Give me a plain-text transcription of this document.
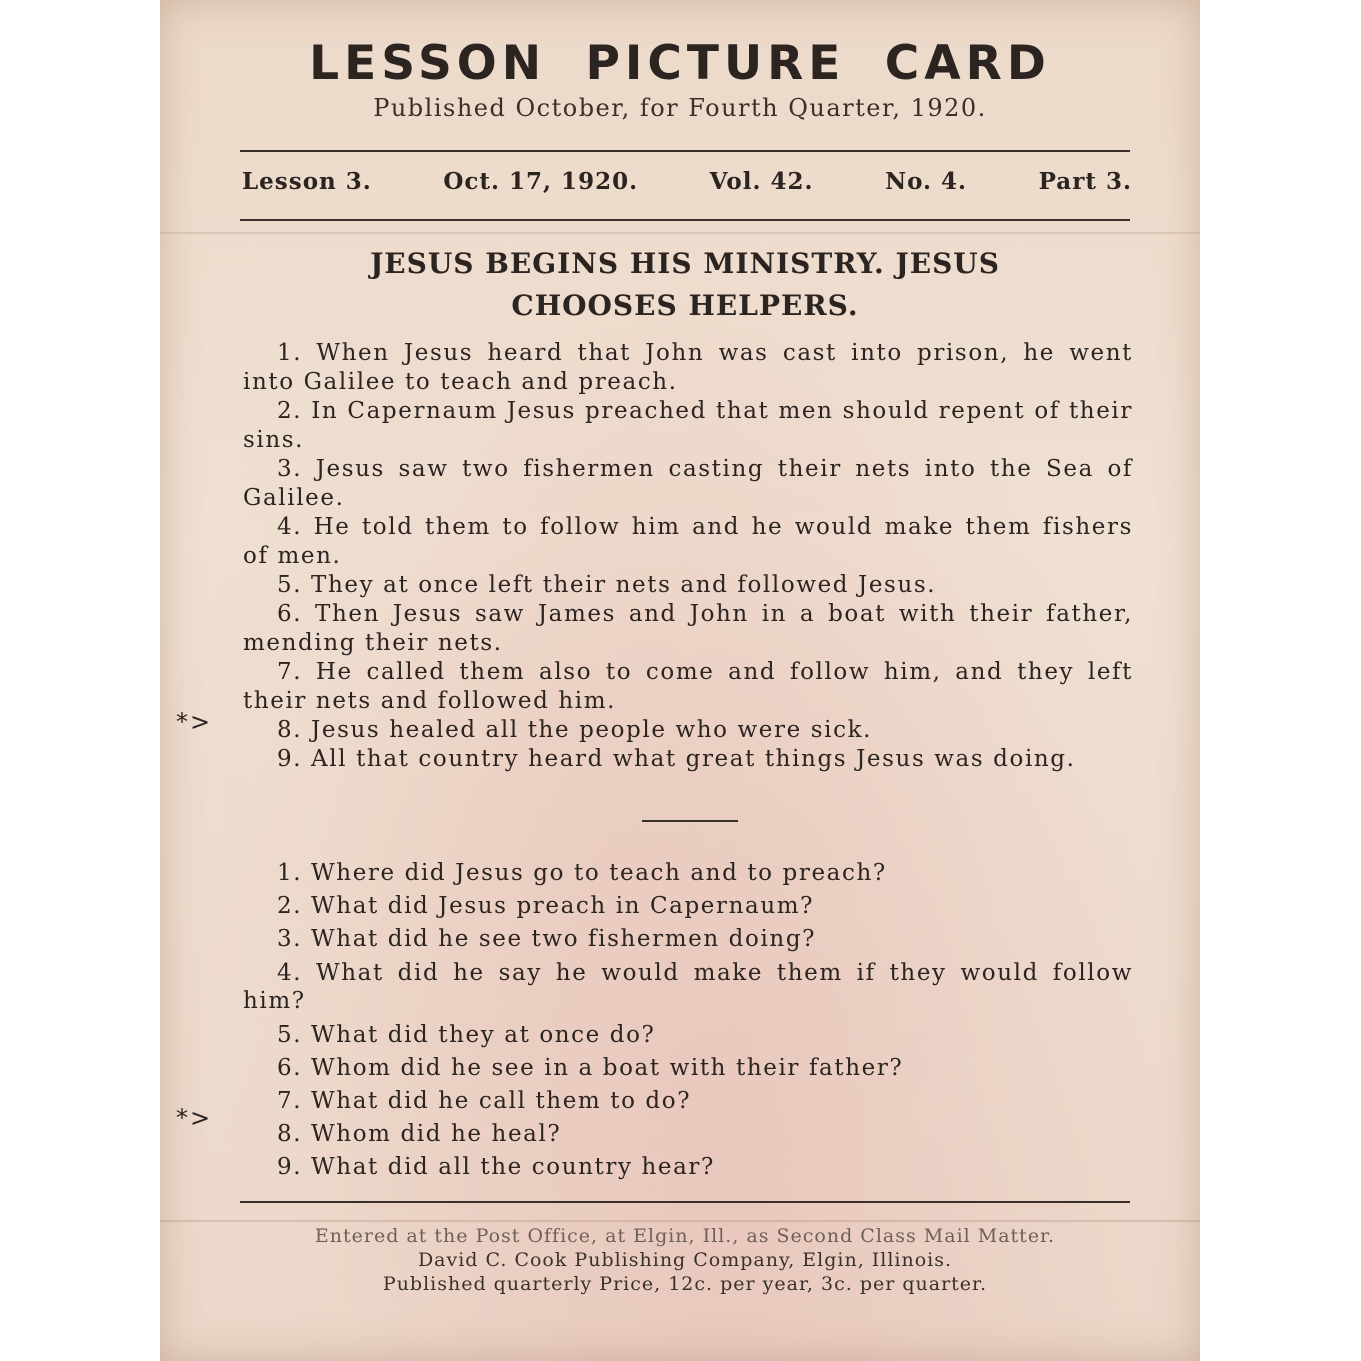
LESSON PICTURE CARD
Published October, for Fourth Quarter, 1920.
Lesson 3.	Oct. 17, 1920.	Vol. 42.	No. 4.	Part 3.
JESUS BEGINS HIS MINISTRY. JESUS
CHOOSES HELPERS.
1. When Jesus heard that John was cast into prison, he went into Galilee to teach and preach.
2. In Capernaum Jesus preached that men should repent of their sins.
3. Jesus saw two fishermen casting their nets into the Sea of Galilee.
4. He told them to follow him and he would make them fishers of men.
5. They at once left their nets and followed Jesus.
6. Then Jesus saw James and John in a boat with their father, mending their nets.
7. He called them also to come and follow him, and they left their nets and followed him.
8. Jesus healed all the people who were sick.
9. All that country heard what great things Jesus was doing.
*>
1. Where did Jesus go to teach and to preach?
2. What did Jesus preach in Capernaum?
3. What did he see two fishermen doing?
4. What did he say he would make them if they would follow him?
5. What did they at once do?
6. Whom did he see in a boat with their father?
7. What did he call them to do?
8. Whom did he heal?
9. What did all the country hear?
*>
Entered at the Post Office, at Elgin, Ill., as Second Class Mail Matter.
David C. Cook Publishing Company, Elgin, Illinois.
Published quarterly Price, 12c. per year, 3c. per quarter.
